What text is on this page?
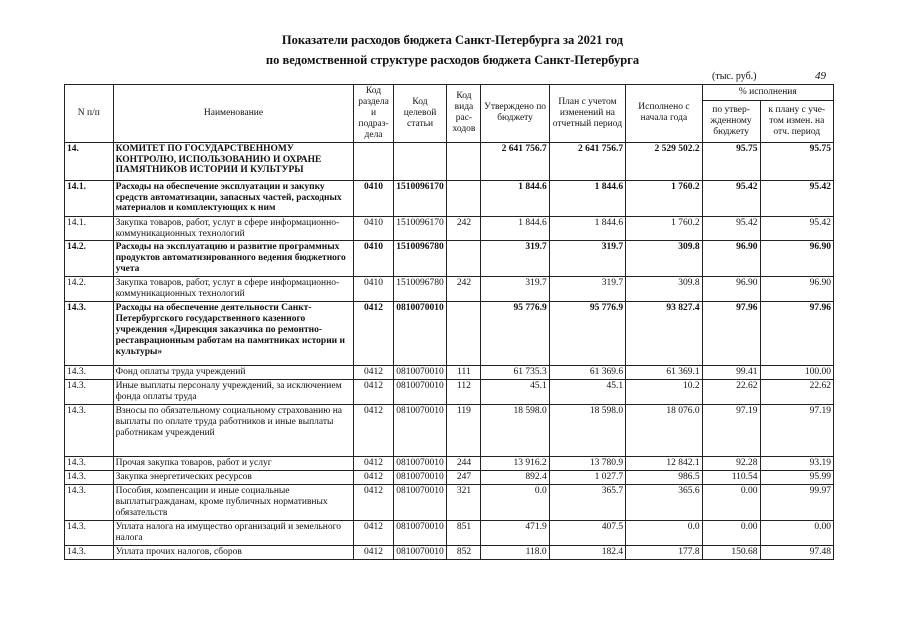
Показатели расходов бюджета Санкт-Петербурга за 2021 год
по ведомственной структуре расходов бюджета Санкт-Петербурга
(тыс. руб.)	49
N п/п	Наименование	Код раздела и подраз-дела	Код целевой статьи	Код вида рас-ходов	Утверждено по бюджету	План с учетом изменений на отчетный период	Исполнено с начала года	% исполнения	
								по утвер-жденному бюджету	к плану с уче-том измен. на отч. период
14.	КОМИТЕТ ПО ГОСУДАРСТВЕННОМУ КОНТРОЛЮ, ИСПОЛЬЗОВАНИЮ И ОХРАНЕ ПАМЯТНИКОВ ИСТОРИИ И КУЛЬТУРЫ				2 641 756.7	2 641 756.7	2 529 502.2	95.75	95.75
14.1.	Расходы на обеспечение эксплуатации и закупку средств автоматизации, запасных частей, расходных материалов и комплектующих к ним	0410	1510096170		1 844.6	1 844.6	1 760.2	95.42	95.42
14.1.	Закупка товаров, работ, услуг в сфере информационно-коммуникационных технологий	0410	1510096170	242	1 844.6	1 844.6	1 760.2	95.42	95.42
14.2.	Расходы на эксплуатацию и развитие программных продуктов автоматизированного ведения бюджетного учета	0410	1510096780		319.7	319.7	309.8	96.90	96.90
14.2.	Закупка товаров, работ, услуг в сфере информационно-коммуникационных технологий	0410	1510096780	242	319.7	319.7	309.8	96.90	96.90
14.3.	Расходы на обеспечение деятельности Санкт-Петербургского государственного казенного учреждения «Дирекция заказчика по ремонтно-реставрационным работам на памятниках истории и культуры»	0412	0810070010		95 776.9	95 776.9	93 827.4	97.96	97.96
14.3.	Фонд оплаты труда учреждений	0412	0810070010	111	61 735.3	61 369.6	61 369.1	99.41	100.00
14.3.	Иные выплаты персоналу учреждений, за исключением фонда оплаты труда	0412	0810070010	112	45.1	45.1	10.2	22.62	22.62
14.3.	Взносы по обязательному социальному страхованию на выплаты по оплате труда работников и иные выплаты работникам учреждений	0412	0810070010	119	18 598.0	18 598.0	18 076.0	97.19	97.19
14.3.	Прочая закупка товаров, работ и услуг	0412	0810070010	244	13 916.2	13 780.9	12 842.1	92.28	93.19
14.3.	Закупка энергетических ресурсов	0412	0810070010	247	892.4	1 027.7	986.5	110.54	95.99
14.3.	Пособия, компенсации и иные социальные выплатыгражданам, кроме публичных нормативных обязательств	0412	0810070010	321	0.0	365.7	365.6	0.00	99.97
14.3.	Уплата налога на имущество организаций и земельного налога	0412	0810070010	851	471.9	407.5	0.0	0.00	0.00
14.3.	Уплата прочих налогов, сборов	0412	0810070010	852	118.0	182.4	177.8	150.68	97.48
